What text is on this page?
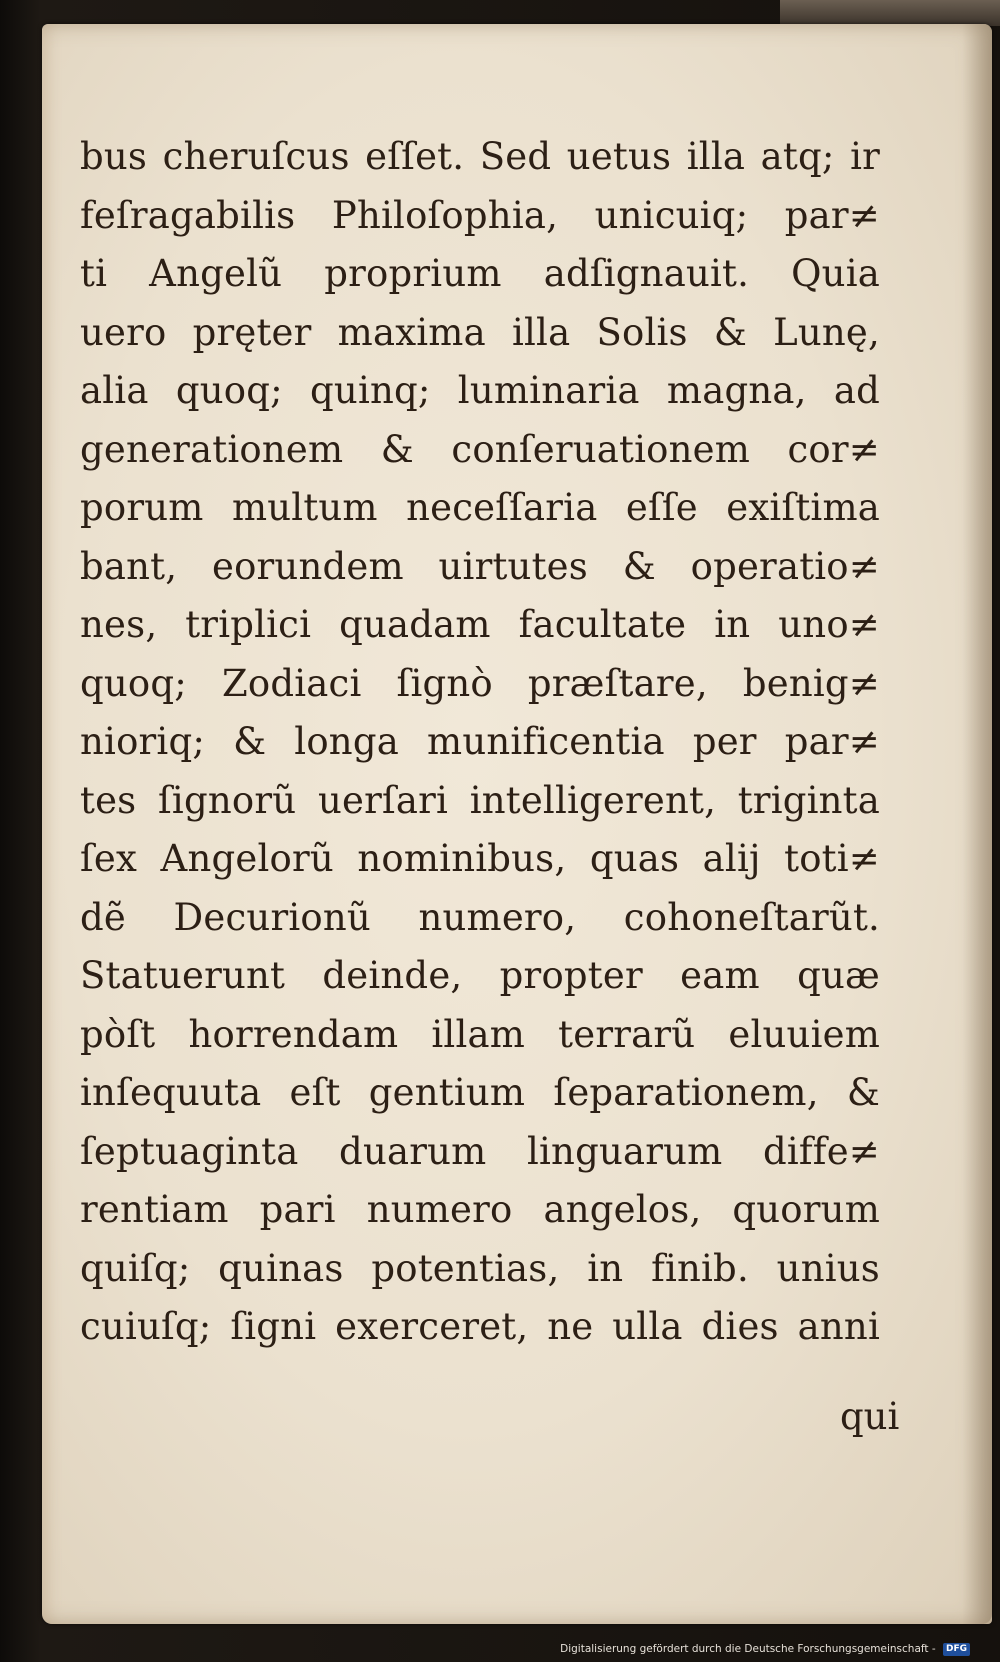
bus cheruſcus eſſet. Sed uetus illa atq; ir
feſragabilis Philoſophia, unicuiq; par≠
ti Angelũ proprium adſignauit. Quia
uero pręter maxima illa Solis & Lunę,
alia quoq; quinq; luminaria magna, ad
generationem & conſeruationem cor≠
porum multum neceſſaria eſſe exiſtima
bant, eorundem uirtutes & operatio≠
nes, triplici quadam facultate in uno≠
quoq; Zodiaci ſignò præſtare, benig≠
nioriq; & longa munificentia per par≠
tes ſignorũ uerſari intelligerent, triginta
ſex Angelorũ nominibus, quas alij toti≠
dẽ Decurionũ numero, cohoneſtarũt.
Statuerunt deinde, propter eam quæ
pòſt horrendam illam terrarũ eluuiem
inſequuta eſt gentium ſeparationem, &
ſeptuaginta duarum linguarum diffe≠
rentiam pari numero angelos, quorum
quiſq; quinas potentias, in finib. unius
cuiuſq; ſigni exerceret, ne ulla dies anni
qui
Digitalisierung gefördert durch die Deutsche Forschungsgemeinschaft - DFG
